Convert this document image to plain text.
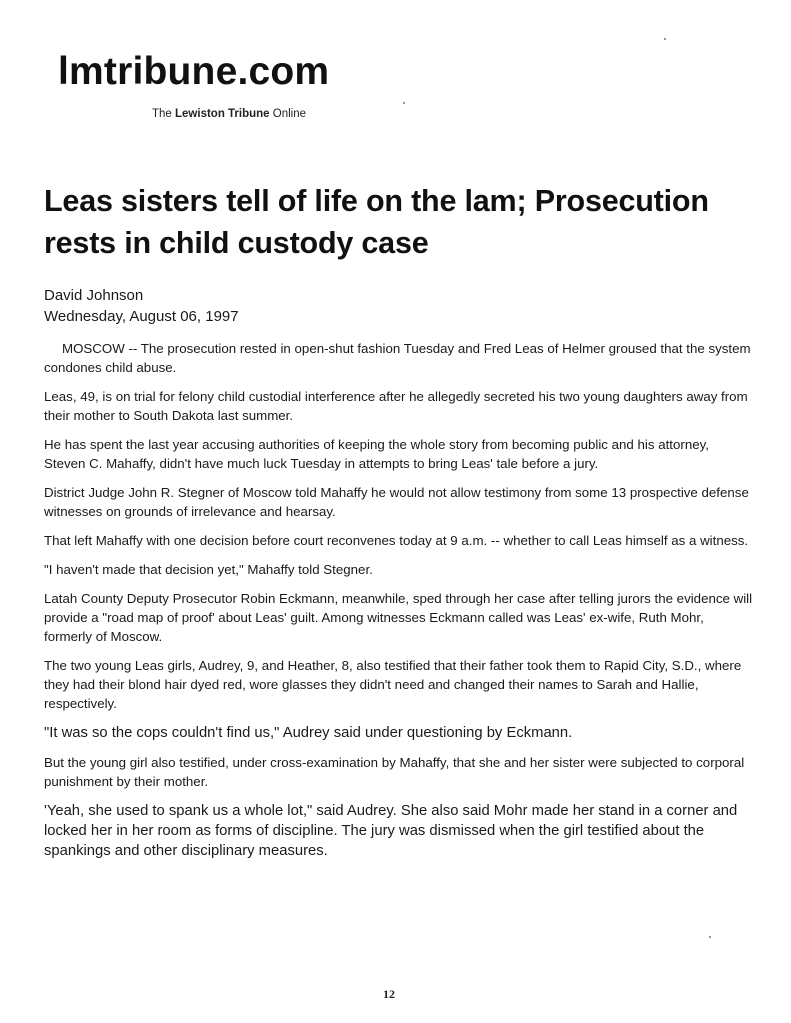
lmtribune.com
The Lewiston Tribune Online
Leas sisters tell of life on the lam; Prosecution rests in child custody case
David Johnson
Wednesday, August 06, 1997

MOSCOW -- The prosecution rested in open-shut fashion Tuesday and Fred Leas of Helmer groused that the system condones child abuse.

Leas, 49, is on trial for felony child custodial interference after he allegedly secreted his two young daughters away from their mother to South Dakota last summer.

He has spent the last year accusing authorities of keeping the whole story from becoming public and his attorney, Steven C. Mahaffy, didn't have much luck Tuesday in attempts to bring Leas' tale before a jury.

District Judge John R. Stegner of Moscow told Mahaffy he would not allow testimony from some 13 prospective defense witnesses on grounds of irrelevance and hearsay.

That left Mahaffy with one decision before court reconvenes today at 9 a.m. -- whether to call Leas himself as a witness.

"I haven't made that decision yet," Mahaffy told Stegner.

Latah County Deputy Prosecutor Robin Eckmann, meanwhile, sped through her case after telling jurors the evidence will provide a "road map of proof' about Leas' guilt. Among witnesses Eckmann called was Leas' ex-wife, Ruth Mohr, formerly of Moscow.

The two young Leas girls, Audrey, 9, and Heather, 8, also testified that their father took them to Rapid City, S.D., where they had their blond hair dyed red, wore glasses they didn't need and changed their names to Sarah and Hallie, respectively.

"It was so the cops couldn't find us," Audrey said under questioning by Eckmann.

But the young girl also testified, under cross-examination by Mahaffy, that she and her sister were subjected to corporal punishment by their mother.

'Yeah, she used to spank us a whole lot," said Audrey. She also said Mohr made her stand in a corner and locked her in her room as forms of discipline. The jury was dismissed when the girl testified about the spankings and other disciplinary measures.

12
